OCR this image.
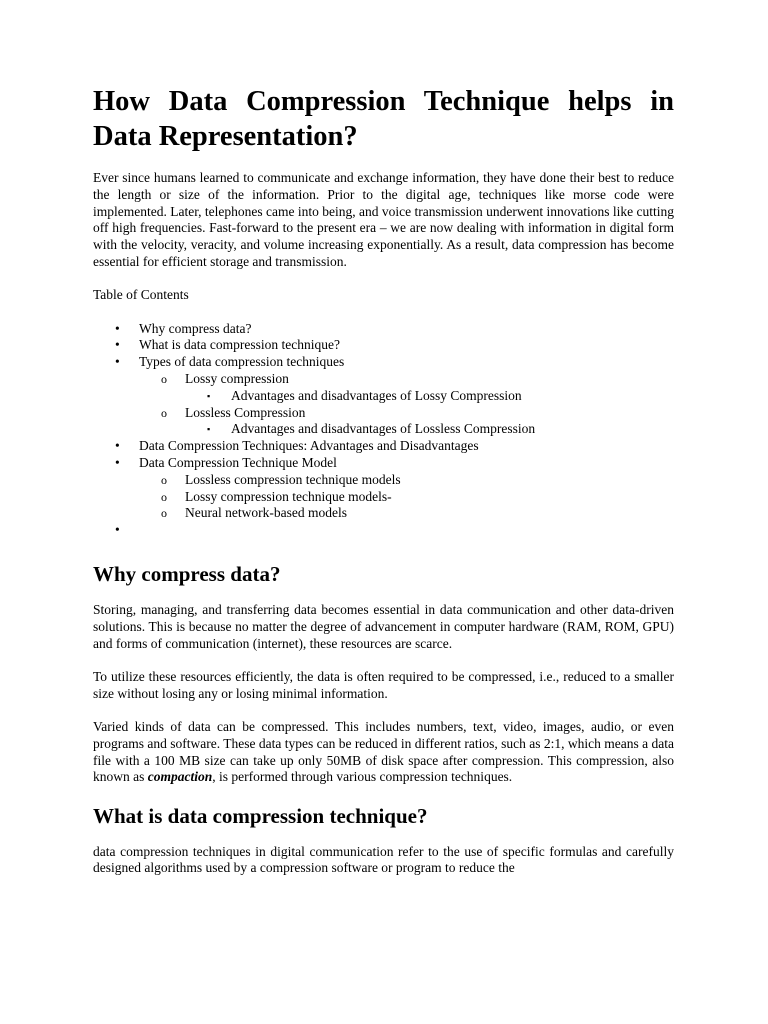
How Data Compression Technique helps in Data Representation?

Ever since humans learned to communicate and exchange information, they have done their best to reduce the length or size of the information. Prior to the digital age, techniques like morse code were implemented. Later, telephones came into being, and voice transmission underwent innovations like cutting off high frequencies. Fast-forward to the present era – we are now dealing with information in digital form with the velocity, veracity, and volume increasing exponentially. As a result, data compression has become essential for efficient storage and transmission.

Table of Contents

• Why compress data?
• What is data compression technique?
• Types of data compression techniques
o Lossy compression
▪ Advantages and disadvantages of Lossy Compression
o Lossless Compression
▪ Advantages and disadvantages of Lossless Compression
• Data Compression Techniques: Advantages and Disadvantages
• Data Compression Technique Model
o Lossless compression technique models
o Lossy compression technique models-
o Neural network-based models
•

Why compress data?

Storing, managing, and transferring data becomes essential in data communication and other data-driven solutions. This is because no matter the degree of advancement in computer hardware (RAM, ROM, GPU) and forms of communication (internet), these resources are scarce.

To utilize these resources efficiently, the data is often required to be compressed, i.e., reduced to a smaller size without losing any or losing minimal information.

Varied kinds of data can be compressed. This includes numbers, text, video, images, audio, or even programs and software. These data types can be reduced in different ratios, such as 2:1, which means a data file with a 100 MB size can take up only 50MB of disk space after compression. This compression, also known as compaction, is performed through various compression techniques.

What is data compression technique?

data compression techniques in digital communication refer to the use of specific formulas and carefully designed algorithms used by a compression software or program to reduce the
